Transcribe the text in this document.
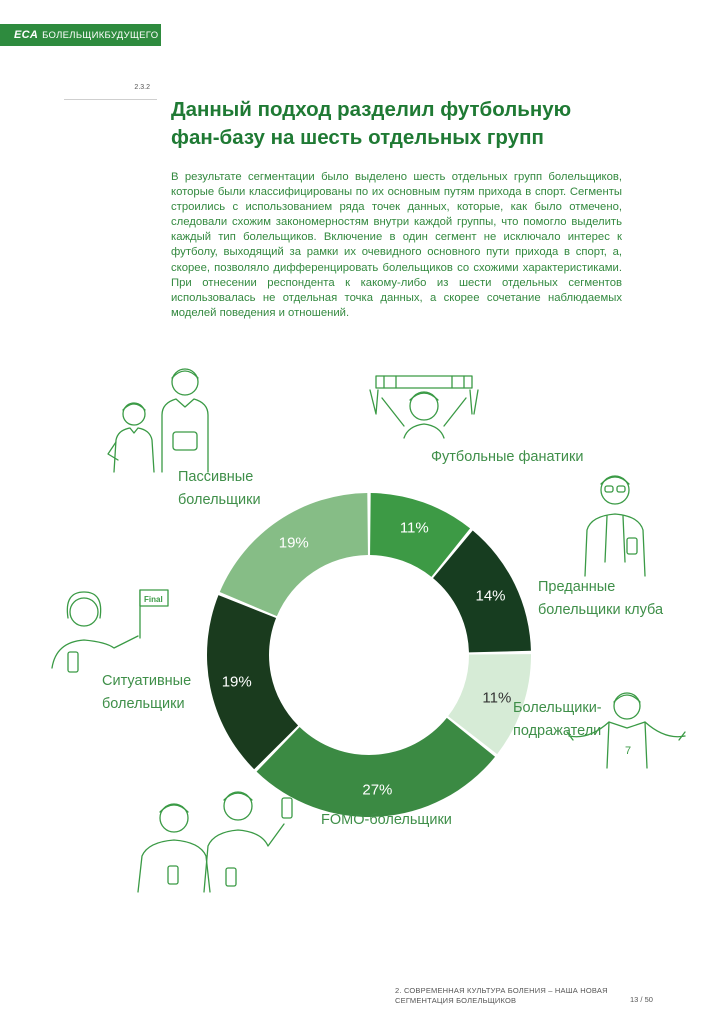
ECA БОЛЕЛЬЩИКБУДУЩЕГО
2.3.2
Данный подход разделил футбольную
фан-базу на шесть отдельных групп

В результате сегментации было выделено шесть отдельных групп болельщиков, которые были классифицированы по их основным путям прихода в спорт. Сегменты строились с использованием ряда точек данных, которые, как было отмечено, следовали схожим закономерностям внутри каждой группы, что помогло выделить каждый тип болельщиков. Включение в один сегмент не исключало интерес к футболу, выходящий за рамки их очевидного основного пути прихода в спорт, а, скорее, позволяло дифференцировать болельщиков со схожими характеристиками. При отнесении респондента к какому-либо из шести отдельных сегментов использовалась не отдельная точка данных, а скорее сочетание наблюдаемых моделей поведения и отношений.

Футбольные фанатики
Преданные
болельщики клуба
Болельщики-
подражатели
FOMO-болельщики
Ситуативные
болельщики
Пассивные
болельщики
Final
7
2. СОВРЕМЕННАЯ КУЛЬТУРА БОЛЕНИЯ – НАША НОВАЯ
СЕГМЕНТАЦИЯ БОЛЕЛЬЩИКОВ	13 / 50
11%
14%
11%
27%
19%
19%
